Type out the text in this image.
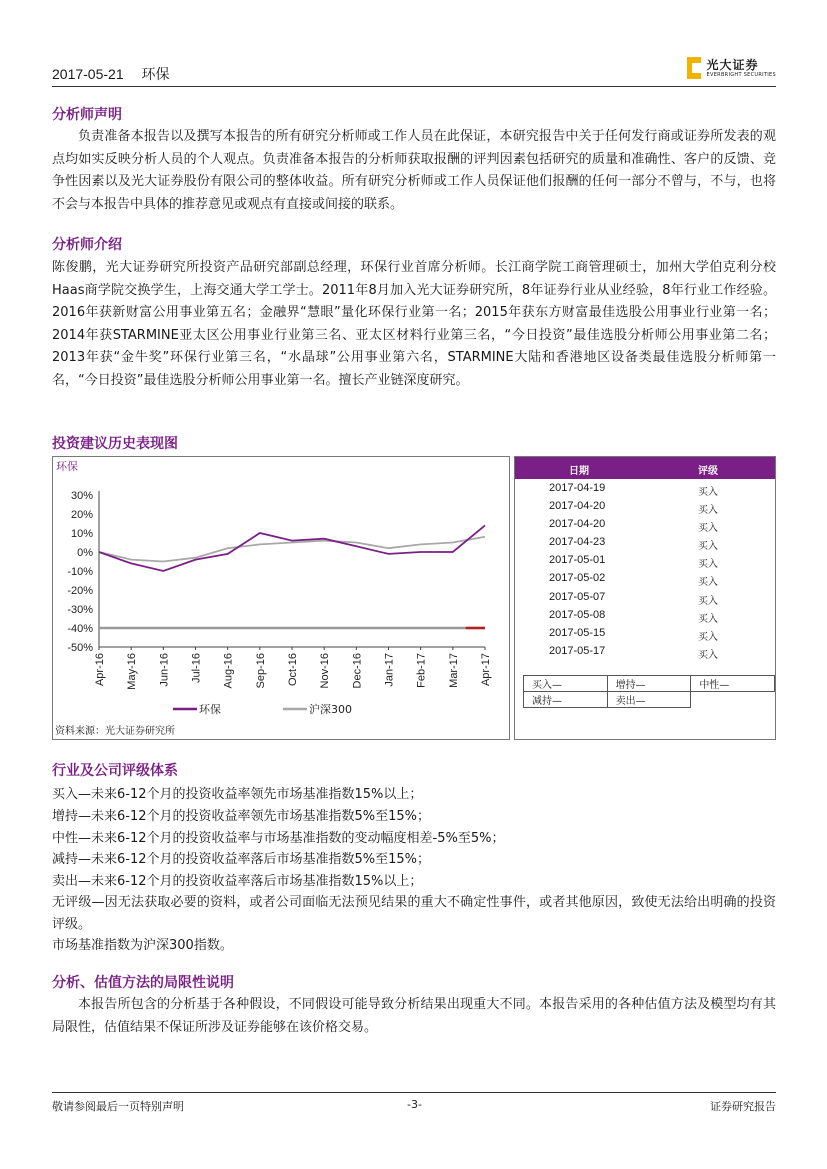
2017-05-21 环保
光大证券
EVERBRIGHT SECURITIES
分析师声明
负责准备本报告以及撰写本报告的所有研究分析师或工作人员在此保证，本研究报告中关于任何发行商或证券所发表的观点均如实反映分析人员的个人观点。负责准备本报告的分析师获取报酬的评判因素包括研究的质量和准确性、客户的反馈、竞争性因素以及光大证券股份有限公司的整体收益。所有研究分析师或工作人员保证他们报酬的任何一部分不曾与，不与，也将不会与本报告中具体的推荐意见或观点有直接或间接的联系。
分析师介绍
陈俊鹏，光大证券研究所投资产品研究部副总经理，环保行业首席分析师。长江商学院工商管理硕士，加州大学伯克利分校Haas商学院交换学生，上海交通大学工学士。2011年8月加入光大证券研究所，8年证券行业从业经验，8年行业工作经验。2016年获新财富公用事业第五名；金融界“慧眼”量化环保行业第一名；2015年获东方财富最佳选股公用事业行业第一名；2014年获STARMINE亚太区公用事业行业第三名、亚太区材料行业第三名，“今日投资”最佳选股分析师公用事业第二名；2013年获“金牛奖”环保行业第三名，“水晶球”公用事业第六名，STARMINE大陆和香港地区设备类最佳选股分析师第一名，“今日投资”最佳选股分析师公用事业第一名。擅长产业链深度研究。
投资建议历史表现图
环保
30%
20%
10%
0%
-10%
-20%
-30%
-40%
-50%
Apr-16 May-16 Jun-16 Jul-16 Aug-16 Sep-16 Oct-16 Nov-16 Dec-16 Jan-17 Feb-17 Mar-17 Apr-17
环保	沪深300
资料来源：光大证券研究所
日期	评级
2017-04-19	买入
2017-04-20	买入
2017-04-20	买入
2017-04-23	买入
2017-05-01	买入
2017-05-02	买入
2017-05-07	买入
2017-05-08	买入
2017-05-15	买入
2017-05-17	买入
买入—	增持—	中性—
减持—	卖出—	
行业及公司评级体系
买入—未来6-12个月的投资收益率领先市场基准指数15%以上；
增持—未来6-12个月的投资收益率领先市场基准指数5%至15%；
中性—未来6-12个月的投资收益率与市场基准指数的变动幅度相差-5%至5%；
减持—未来6-12个月的投资收益率落后市场基准指数5%至15%；
卖出—未来6-12个月的投资收益率落后市场基准指数15%以上；
无评级—因无法获取必要的资料，或者公司面临无法预见结果的重大不确定性事件，或者其他原因，致使无法给出明确的投资评级。
市场基准指数为沪深300指数。
分析、估值方法的局限性说明
本报告所包含的分析基于各种假设，不同假设可能导致分析结果出现重大不同。本报告采用的各种估值方法及模型均有其局限性，估值结果不保证所涉及证券能够在该价格交易。
敬请参阅最后一页特别声明	-3-	证券研究报告
